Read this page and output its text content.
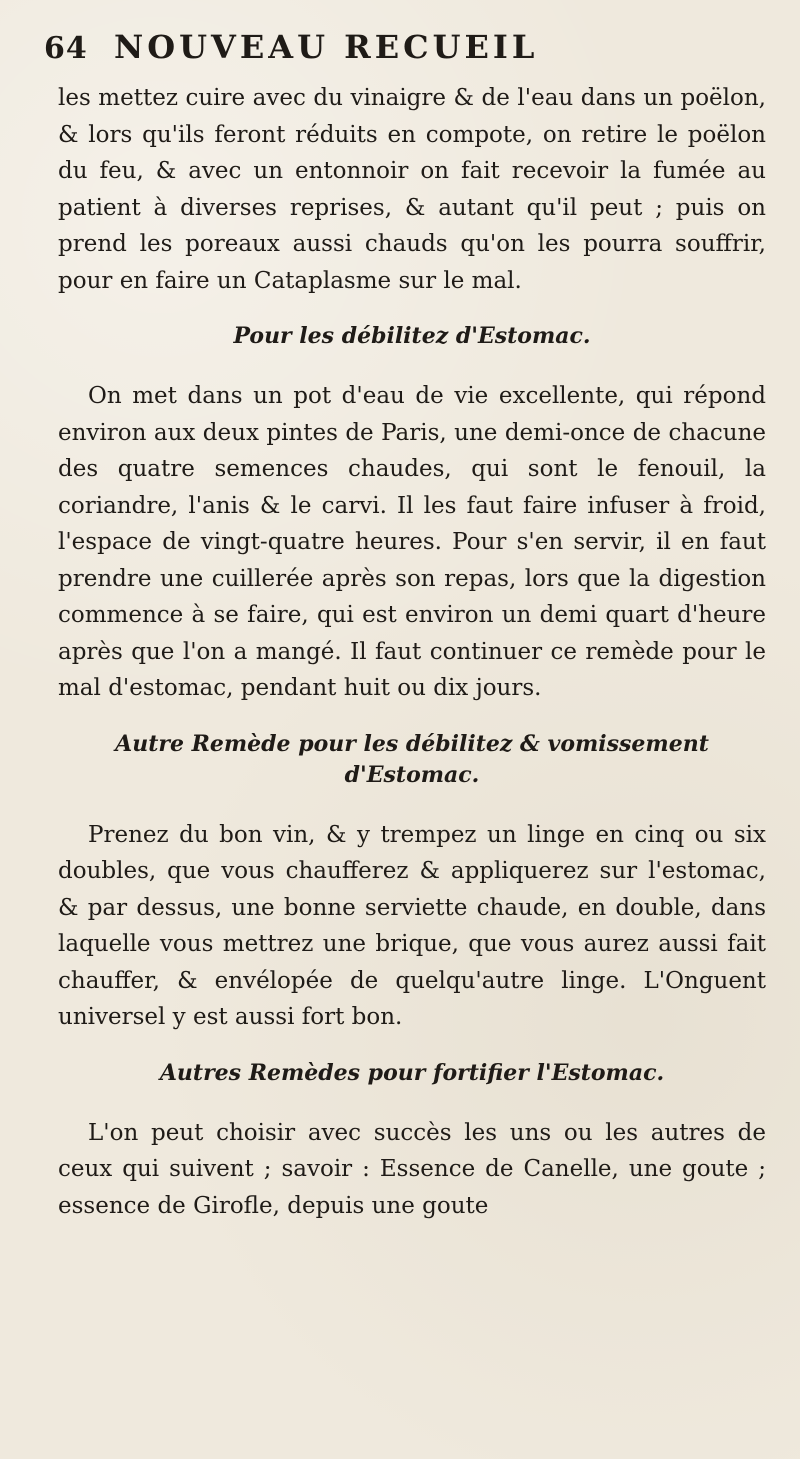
64 NOUVEAU RECUEIL

les mettez cuire avec du vinaigre & de l'eau dans un poëlon, & lors qu'ils feront réduits en compote, on retire le poëlon du feu, & avec un entonnoir on fait recevoir la fumée au patient à diverses reprises, & autant qu'il peut ; puis on prend les poreaux aussi chauds qu'on les pourra souffrir, pour en faire un Cataplasme sur le mal.

Pour les débilitez d'Estomac.

On met dans un pot d'eau de vie excellente, qui répond environ aux deux pintes de Paris, une demi-once de chacune des quatre semences chaudes, qui sont le fenouil, la coriandre, l'anis & le carvi. Il les faut faire infuser à froid, l'espace de vingt-quatre heures. Pour s'en servir, il en faut prendre une cuillerée après son repas, lors que la digestion commence à se faire, qui est environ un demi quart d'heure après que l'on a mangé. Il faut continuer ce remède pour le mal d'estomac, pendant huit ou dix jours.

Autre Remède pour les débilitez & vomissement
d'Estomac.

Prenez du bon vin, & y trempez un linge en cinq ou six doubles, que vous chaufferez & appliquerez sur l'estomac, & par dessus, une bonne serviette chaude, en double, dans laquelle vous mettrez une brique, que vous aurez aussi fait chauffer, & envélopée de quelqu'autre linge. L'Onguent universel y est aussi fort bon.

Autres Remèdes pour fortifier l'Estomac.

L'on peut choisir avec succès les uns ou les autres de ceux qui suivent ; savoir : Essence de Canelle, une goute ; essence de Girofle, depuis une goute
